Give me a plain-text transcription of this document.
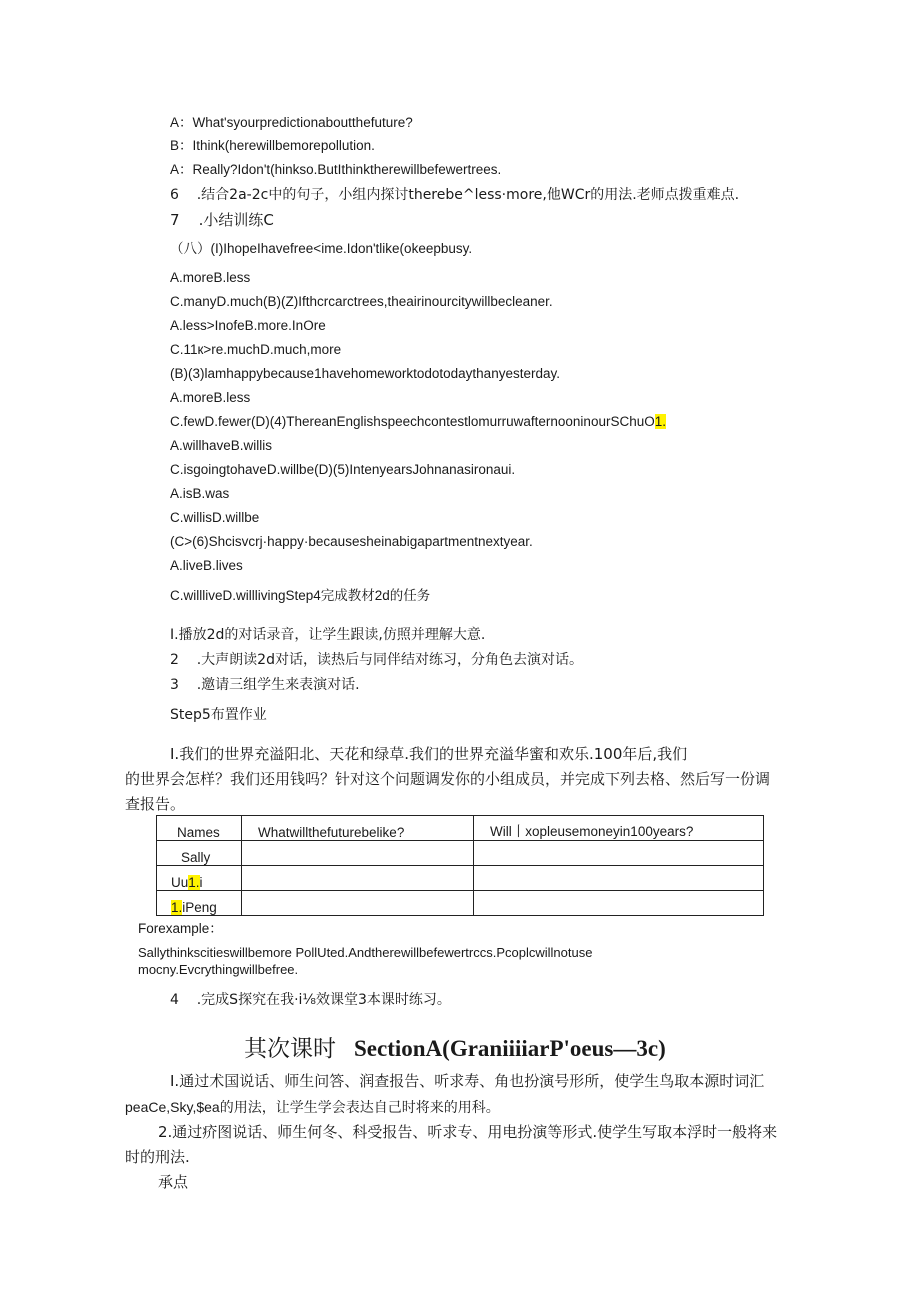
A：What'syourpredictionaboutthefuture?
B：Ithink(herewillbemorepollution.
A：Really?Idon't(hinkso.ButIthinktherewillbefewertrees.
6 .结合2a-2c中的句子，小组内探讨therebe^less·more,他WCr的用法.老师点拨重难点.
7 .小结训练C
（八）(I)IhopeIhavefree<ime.Idon'tlike(okeepbusy.
A.moreB.less
C.manyD.much(B)(Z)Ifthcrcarctrees,theairinourcitywillbecleaner.
A.less>InofeB.more.InOre
C.11к>re.muchD.much,more
(B)(3)lamhappybecause1havehomeworktodotodaythanyesterday.
A.moreB.less
C.fewD.fewer(D)(4)ThereanEnglishspeechcontestlomurruwafternooninourSChuO1.
A.willhaveB.willis
C.isgoingtohaveD.willbe(D)(5)IntenyearsJohnanasironaui.
A.isB.was
C.willisD.willbe
(C>(6)Shcisvcrj·happy·becausesheinabigapartmentnextyear.
A.liveB.lives
C.willliveD.willlivingStep4完成教材2d的任务
I.播放2d的对话录音，让学生跟读,仿照并理解大意.
2 .大声朗读2d对话，读热后与同伴结对练习，分角色去演对话。
3 .邀请三组学生来表演对话.
Step5布置作业
I.我们的世界充溢阳北、天花和绿草.我们的世界充溢华蜜和欢乐.100年后,我们
的世界会怎样？我们还用钱吗？针对这个问题调发你的小组成员，并完成下列去格、然后写一份调
查报告。
Names	Whatwillthefuturebelike?	Will丨xopleusemoneyin100years?
Sally		
Uu1.i		
1.iPeng		
Forexample：
Sallythinkscitieswillbemore PollUted.Andtherewillbefewertrccs.Pcoplcwillnotuse
mocny.Evcrythingwillbefree.
4 .完成S探究在我·i⅛效课堂3本课时练习。
其次课时 SectionA(GraniiiiarP'oeus—3c)
I.通过术国说话、师生问答、润查报告、听求寿、角也扮演号形所，使学生鸟取本源时词汇
peaCe,Sky,$ea的用法，让学生学会表达自己时将来的用科。
2.通过疥图说话、师生何冬、科受报告、听求专、用电扮演等形式.使学生写取本浮时一般将来
时的刑法.
承点
